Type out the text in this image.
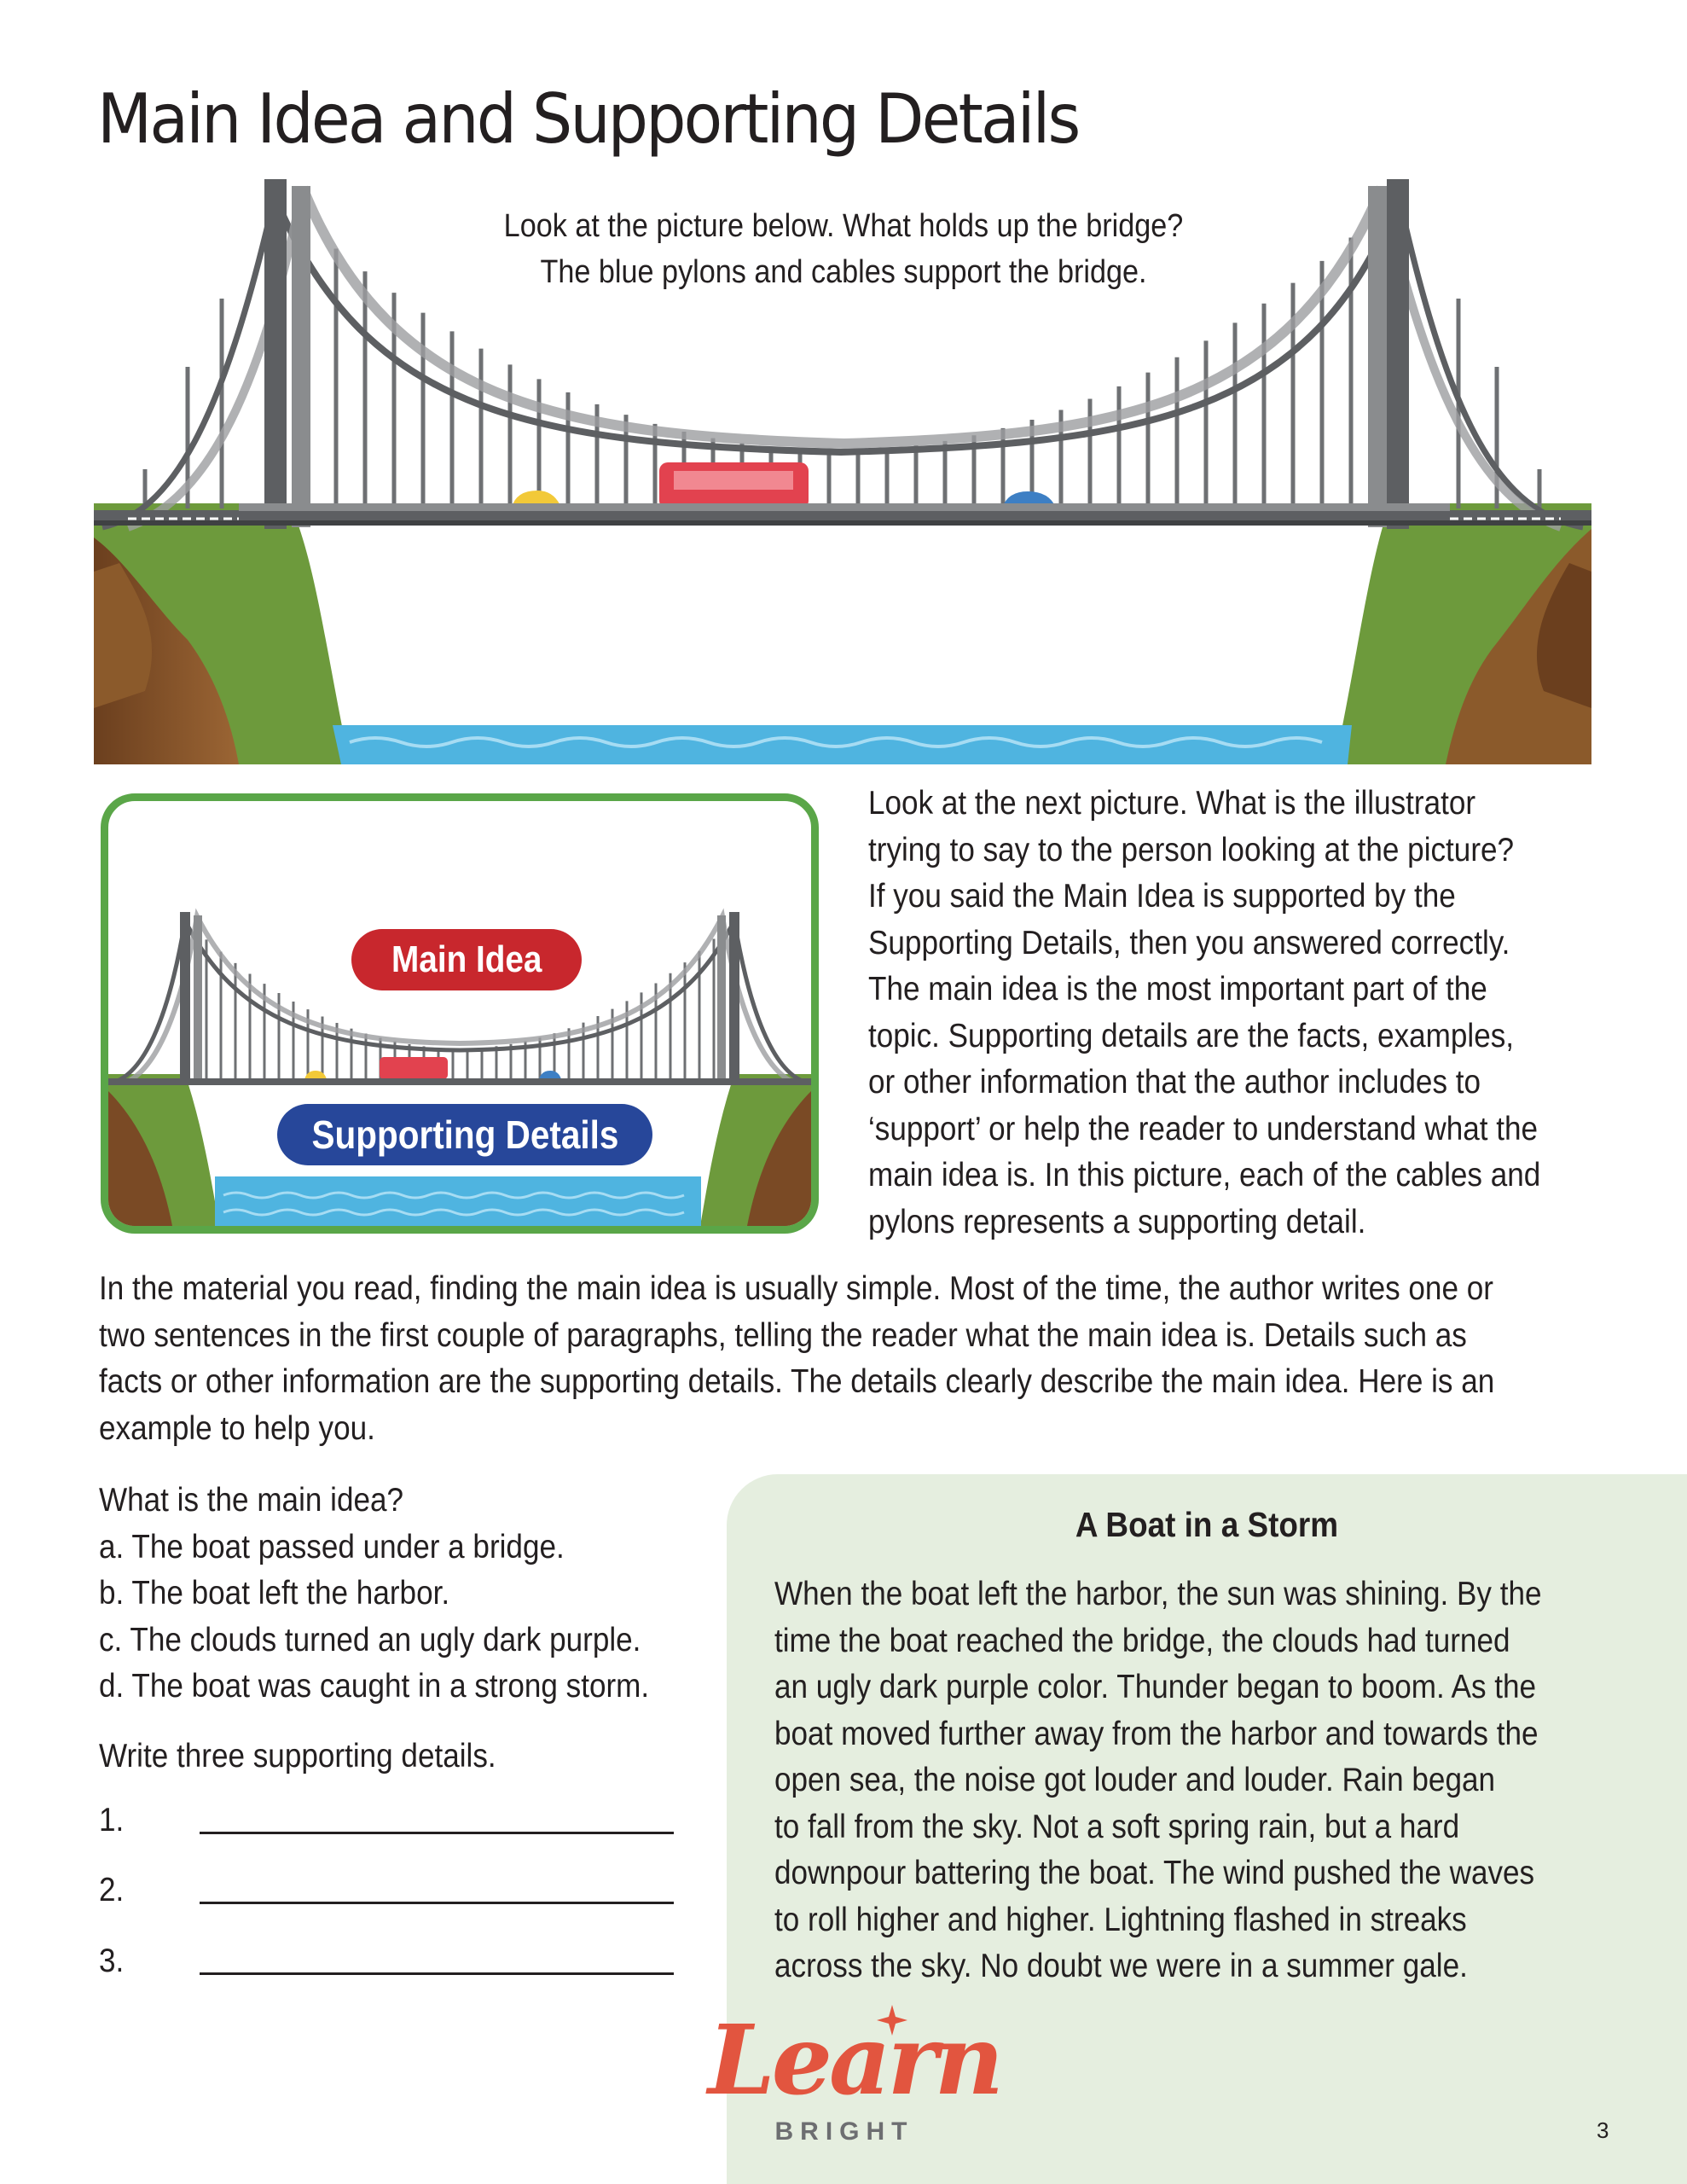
Main Idea and Supporting Details

Look at the picture below. What holds up the bridge?

The blue pylons and cables support the bridge.

Main Idea
Supporting Details

Look at the next picture. What is the illustrator

trying to say to the person looking at the picture?

If you said the Main Idea is supported by the

Supporting Details, then you answered correctly.

The main idea is the most important part of the

topic. Supporting details are the facts, examples,

or other information that the author includes to

‘support’ or help the reader to understand what the

main idea is. In this picture, each of the cables and

pylons represents a supporting detail.

In the material you read, finding the main idea is usually simple. Most of the time, the author writes one or

two sentences in the first couple of paragraphs, telling the reader what the main idea is. Details such as

facts or other information are the supporting details. The details clearly describe the main idea. Here is an

example to help you.

What is the main idea?

a. The boat passed under a bridge.

b. The boat left the harbor.

c. The clouds turned an ugly dark purple.

d. The boat was caught in a strong storm.

Write three supporting details.
1.
2.
3.
A Boat in a Storm

When the boat left the harbor, the sun was shining. By the

time the boat reached the bridge, the clouds had turned

an ugly dark purple color. Thunder began to boom. As the

boat moved further away from the harbor and towards the

open sea, the noise got louder and louder. Rain began

to fall from the sky. Not a soft spring rain, but a hard

downpour battering the boat. The wind pushed the waves

to roll higher and higher. Lightning flashed in streaks

across the sky. No doubt we were in a summer gale.

Learn
BRIGHT	3
